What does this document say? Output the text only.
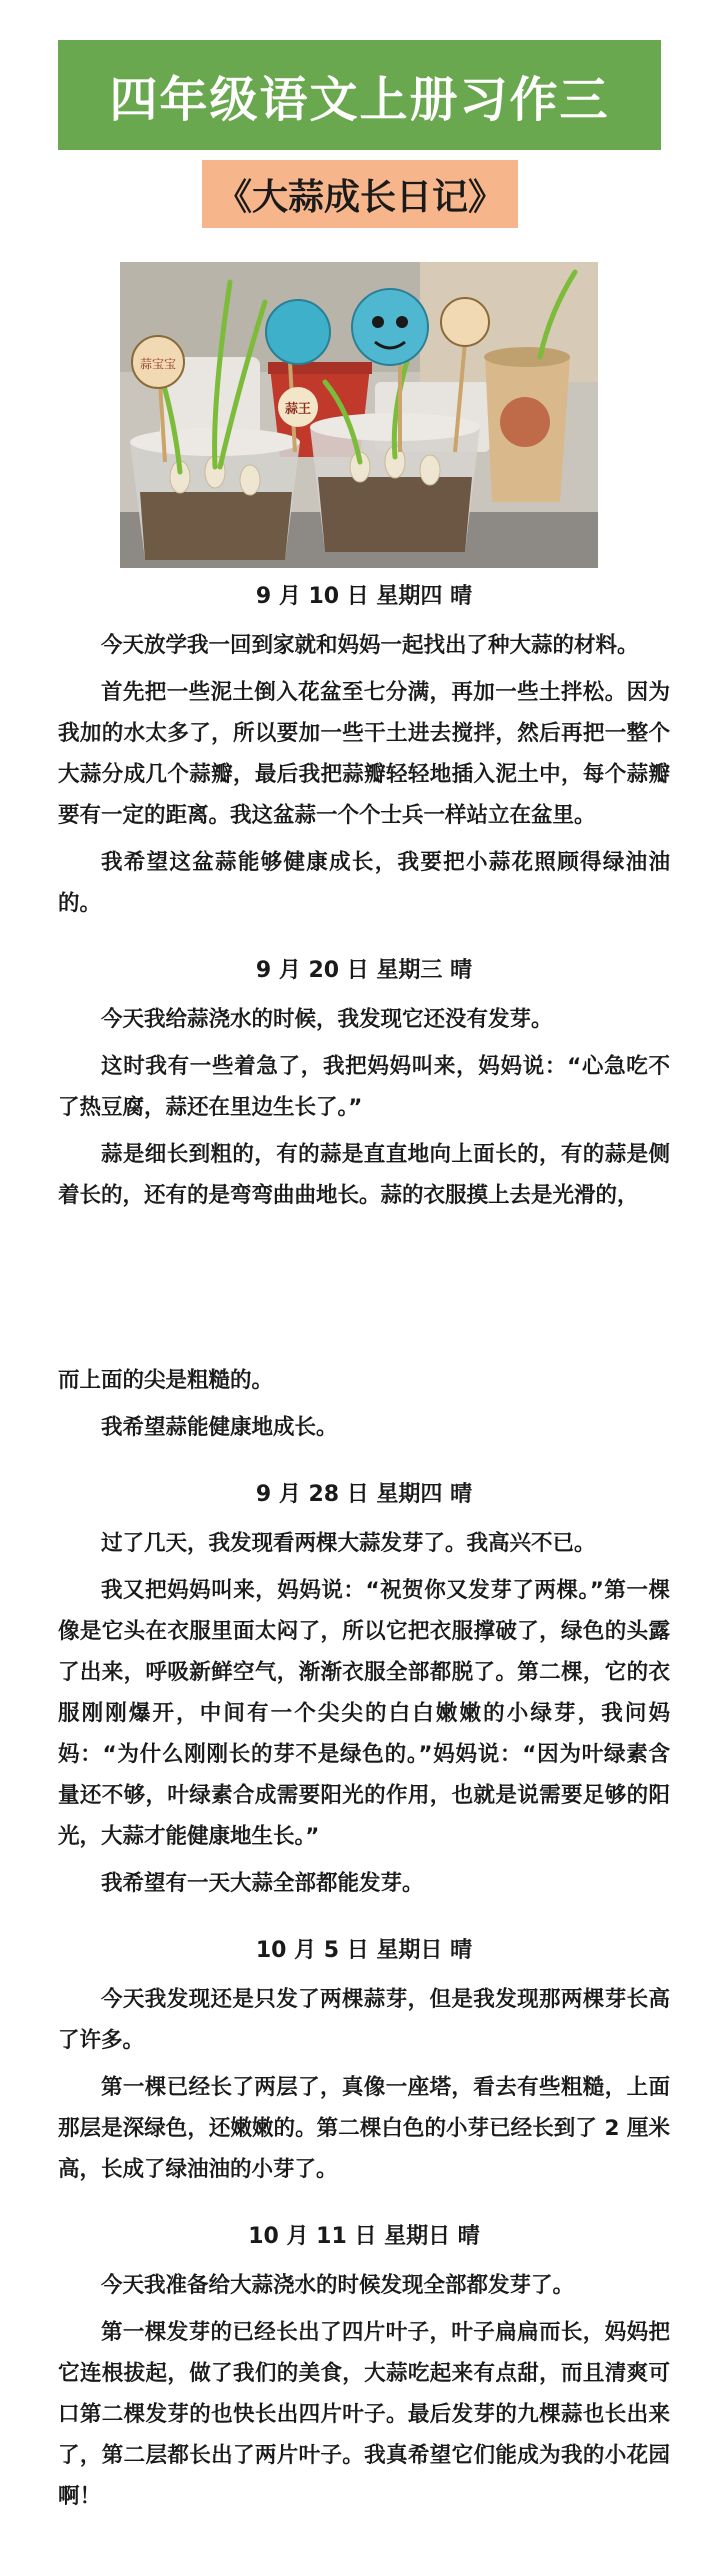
四年级语文上册习作三
《大蒜成长日记》
蒜宝宝
蒜王

9 月 10 日 星期四 晴

今天放学我一回到家就和妈妈一起找出了种大蒜的材料。

首先把一些泥土倒入花盆至七分满，再加一些土拌松。因为我加的水太多了，所以要加一些干土进去搅拌，然后再把一整个大蒜分成几个蒜瓣，最后我把蒜瓣轻轻地插入泥土中，每个蒜瓣要有一定的距离。我这盆蒜一个个士兵一样站立在盆里。

我希望这盆蒜能够健康成长，我要把小蒜花照顾得绿油油的。

9 月 20 日 星期三 晴

今天我给蒜浇水的时候，我发现它还没有发芽。

这时我有一些着急了，我把妈妈叫来，妈妈说：“心急吃不了热豆腐，蒜还在里边生长了。”

蒜是细长到粗的，有的蒜是直直地向上面长的，有的蒜是侧着长的，还有的是弯弯曲曲地长。蒜的衣服摸上去是光滑的，

而上面的尖是粗糙的。

我希望蒜能健康地成长。

9 月 28 日 星期四 晴

过了几天，我发现看两棵大蒜发芽了。我高兴不已。

我又把妈妈叫来，妈妈说：“祝贺你又发芽了两棵。”第一棵像是它头在衣服里面太闷了，所以它把衣服撑破了，绿色的头露了出来，呼吸新鲜空气，渐渐衣服全部都脱了。第二棵，它的衣服刚刚爆开，中间有一个尖尖的白白嫩嫩的小绿芽，我问妈妈：“为什么刚刚长的芽不是绿色的。”妈妈说：“因为叶绿素含量还不够，叶绿素合成需要阳光的作用，也就是说需要足够的阳光，大蒜才能健康地生长。”

我希望有一天大蒜全部都能发芽。

10 月 5 日 星期日 晴

今天我发现还是只发了两棵蒜芽，但是我发现那两棵芽长高了许多。

第一棵已经长了两层了，真像一座塔，看去有些粗糙，上面那层是深绿色，还嫩嫩的。第二棵白色的小芽已经长到了 2 厘米高，长成了绿油油的小芽了。

10 月 11 日 星期日 晴

今天我准备给大蒜浇水的时候发现全部都发芽了。

第一棵发芽的已经长出了四片叶子，叶子扁扁而长，妈妈把它连根拔起，做了我们的美食，大蒜吃起来有点甜，而且清爽可口第二棵发芽的也快长出四片叶子。最后发芽的九棵蒜也长出来了，第二层都长出了两片叶子。我真希望它们能成为我的小花园啊！
